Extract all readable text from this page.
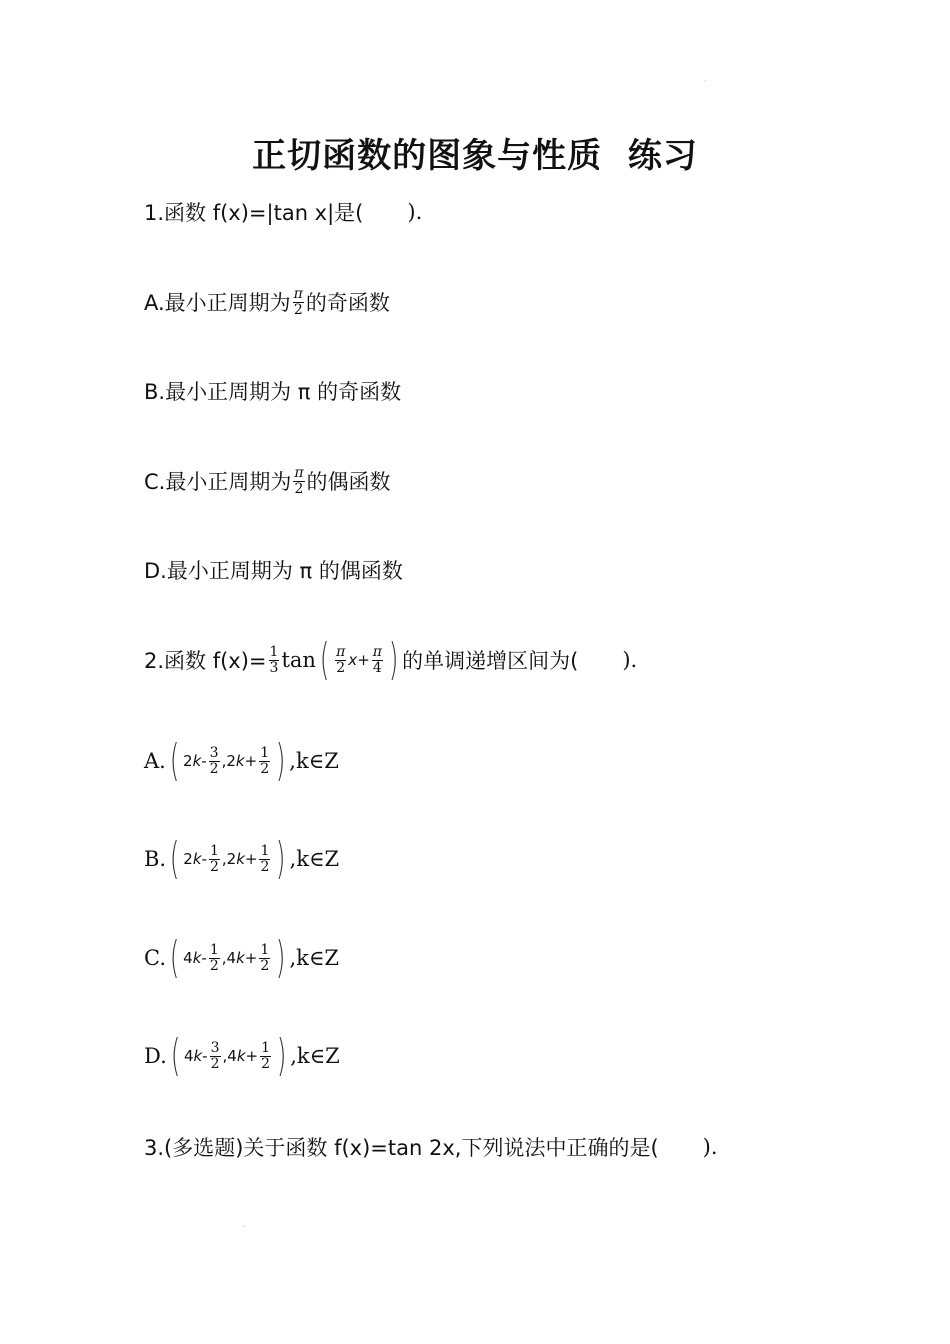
正切函数的图象与性质  练习
1.函数 f(x)=|tan x|是( ).
A.最小正周期为 $\frac{\pi}{2}$ 的奇函数
B.最小正周期为 π 的奇函数
C.最小正周期为 $\frac{\pi}{2}$ 的偶函数
D.最小正周期为 π 的偶函数
2.函数 $f(x)= \frac{1}{3}$ tan ( $\frac{\pi}{2}$ $x + \frac{\pi}{4}$ ) 的单调递增区间为( ).
A. ( 2 k - $\frac{3}{2}$ , 2 $k + \frac{1}{2}$ ) ,k∈Z
B. ( 2 k - $\frac{1}{2}$ , 2 $k + \frac{1}{2}$ ) ,k∈Z
C. ( 4 k - $\frac{1}{2}$ , 4 $k + \frac{1}{2}$ ) ,k∈Z
D. ( 4 k - $\frac{3}{2}$ , 4 $k + \frac{1}{2}$ ) ,k∈Z
3.(多选题)关于函数 f(x)=tan 2x,下列说法中正确的是( ).
